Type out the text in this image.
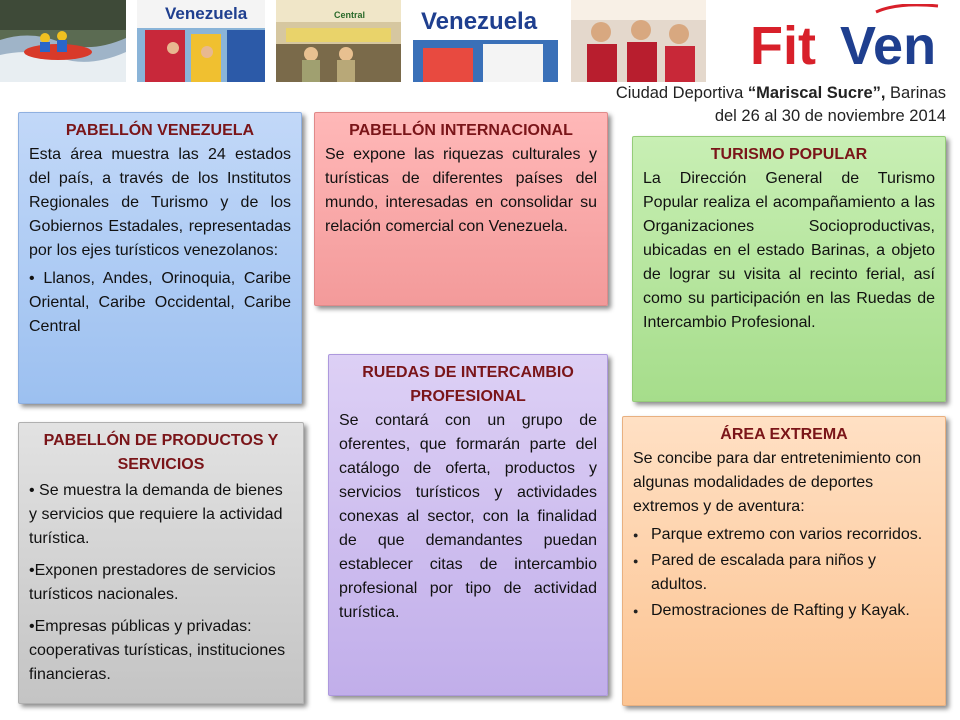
Venezuela	Central Venezuela	Fit Ven
Ciudad Deportiva “Mariscal Sucre”, Barinas
del 26 al 30 de noviembre 2014
PABELLÓN VENEZUELA

Esta área muestra las 24 estados del país, a través de los Institutos Regionales de Turismo y de los Gobiernos Estadales, representadas por los ejes turísticos venezolanos:

• Llanos, Andes, Orinoquia, Caribe Oriental, Caribe Occidental, Caribe Central

PABELLÓN INTERNACIONAL

Se expone las riquezas culturales y turísticas de diferentes países del mundo, interesadas en consolidar su relación comercial con Venezuela.

TURISMO POPULAR

La Dirección General de Turismo Popular realiza el acompañamiento a las Organizaciones Socioproductivas, ubicadas en el estado Barinas, a objeto de lograr su visita al recinto ferial, así como su participación en las Ruedas de Intercambio Profesional.

PABELLÓN DE PRODUCTOS Y SERVICIOS
• Se muestra la demanda de bienes y servicios que requiere la actividad turística.
•Exponen prestadores de servicios turísticos nacionales.
•Empresas públicas y privadas: cooperativas turísticas, instituciones financieras.
RUEDAS DE INTERCAMBIO PROFESIONAL

Se contará con un grupo de oferentes, que formarán parte del catálogo de oferta, productos y servicios turísticos y actividades conexas al sector, con la finalidad de que demandantes puedan establecer citas de intercambio profesional por tipo de actividad turística.

ÁREA EXTREMA

Se concibe para dar entretenimiento con algunas modalidades de deportes extremos y de aventura:

● Parque extremo con varios recorridos.
● Pared de escalada para niños y adultos.
● Demostraciones de Rafting y Kayak.
